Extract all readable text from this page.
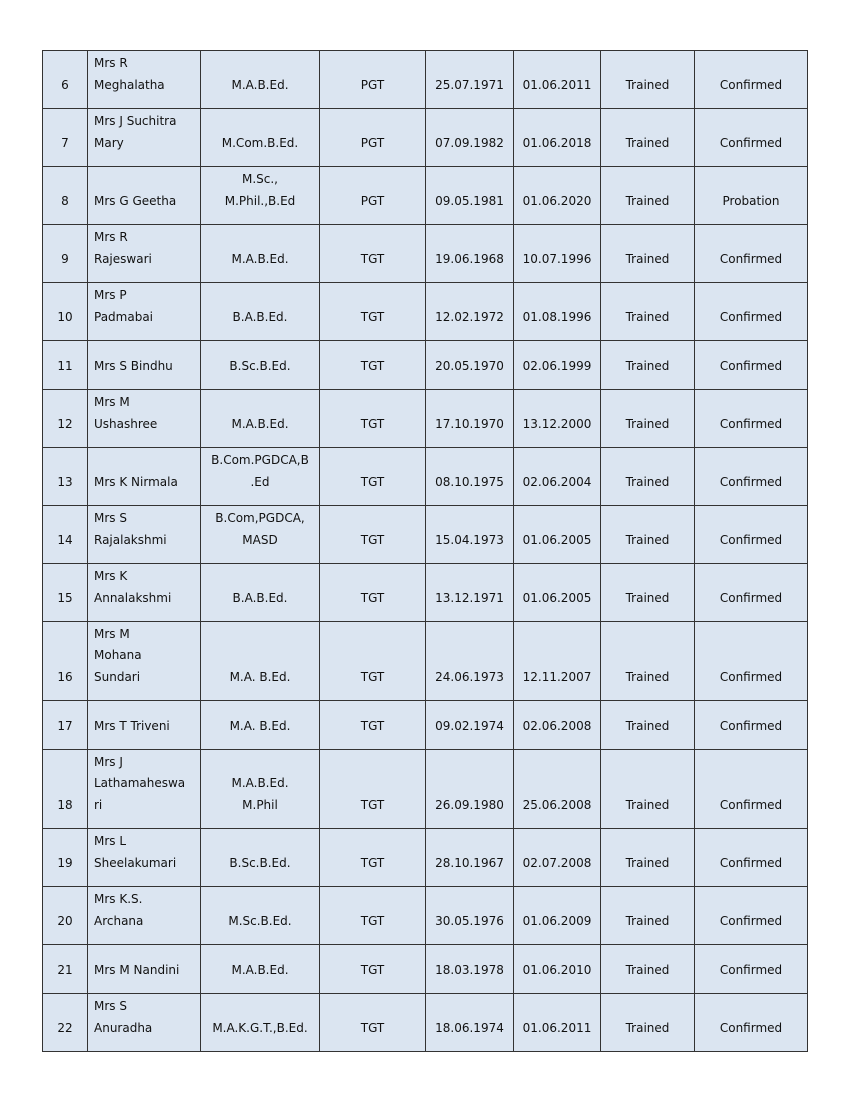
6	Mrs R
Meghalatha	M.A.B.Ed.	PGT	25.07.1971	01.06.2011	Trained	Confirmed
7	Mrs J Suchitra
Mary	M.Com.B.Ed.	PGT	07.09.1982	01.06.2018	Trained	Confirmed
8	Mrs G Geetha	M.Sc.,
M.Phil.,B.Ed	PGT	09.05.1981	01.06.2020	Trained	Probation
9	Mrs R
Rajeswari	M.A.B.Ed.	TGT	19.06.1968	10.07.1996	Trained	Confirmed
10	Mrs P
Padmabai	B.A.B.Ed.	TGT	12.02.1972	01.08.1996	Trained	Confirmed
11	Mrs S Bindhu	B.Sc.B.Ed.	TGT	20.05.1970	02.06.1999	Trained	Confirmed
12	Mrs M
Ushashree	M.A.B.Ed.	TGT	17.10.1970	13.12.2000	Trained	Confirmed
13	Mrs K Nirmala	B.Com.PGDCA,B
.Ed	TGT	08.10.1975	02.06.2004	Trained	Confirmed
14	Mrs S
Rajalakshmi	B.Com,PGDCA,
MASD	TGT	15.04.1973	01.06.2005	Trained	Confirmed
15	Mrs K
Annalakshmi	B.A.B.Ed.	TGT	13.12.1971	01.06.2005	Trained	Confirmed
16	Mrs M
Mohana
Sundari	M.A. B.Ed.	TGT	24.06.1973	12.11.2007	Trained	Confirmed
17	Mrs T Triveni	M.A. B.Ed.	TGT	09.02.1974	02.06.2008	Trained	Confirmed
18	Mrs J
Lathamaheswa
ri	M.A.B.Ed.
M.Phil	TGT	26.09.1980	25.06.2008	Trained	Confirmed
19	Mrs L
Sheelakumari	B.Sc.B.Ed.	TGT	28.10.1967	02.07.2008	Trained	Confirmed
20	Mrs K.S.
Archana	M.Sc.B.Ed.	TGT	30.05.1976	01.06.2009	Trained	Confirmed
21	Mrs M Nandini	M.A.B.Ed.	TGT	18.03.1978	01.06.2010	Trained	Confirmed
22	Mrs S
Anuradha	M.A.K.G.T.,B.Ed.	TGT	18.06.1974	01.06.2011	Trained	Confirmed
